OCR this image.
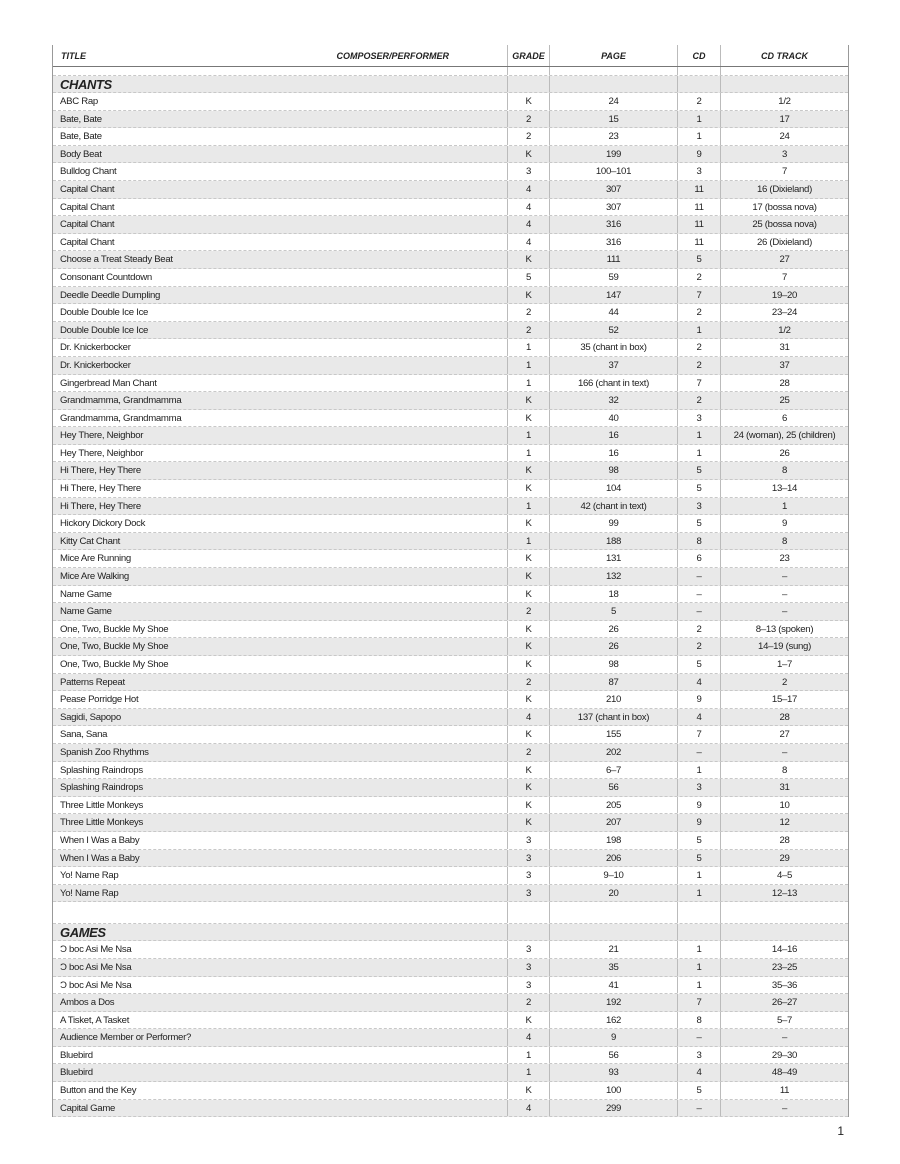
TITLE	COMPOSER/PERFORMER	GRADE	PAGE	CD	CD TRACK
CHANTS
ABC Rap	K	24	2	1/2
Bate, Bate	2	15	1	17
Bate, Bate	2	23	1	24
Body Beat	K	199	9	3
Bulldog Chant	3	100–101	3	7
Capital Chant	4	307	11	16 (Dixieland)
Capital Chant	4	307	11	17 (bossa nova)
Capital Chant	4	316	11	25 (bossa nova)
Capital Chant	4	316	11	26 (Dixieland)
Choose a Treat Steady Beat	K	111	5	27
Consonant Countdown	5	59	2	7
Deedle Deedle Dumpling	K	147	7	19–20
Double Double Ice Ice	2	44	2	23–24
Double Double Ice Ice	2	52	1	1/2
Dr. Knickerbocker	1	35 (chant in box)	2	31
Dr. Knickerbocker	1	37	2	37
Gingerbread Man Chant	1	166 (chant in text)	7	28
Grandmamma, Grandmamma	K	32	2	25
Grandmamma, Grandmamma	K	40	3	6
Hey There, Neighbor	1	16	1	24 (woman), 25 (children)
Hey There, Neighbor	1	16	1	26
Hi There, Hey There	K	98	5	8
Hi There, Hey There	K	104	5	13–14
Hi There, Hey There	1	42 (chant in text)	3	1
Hickory Dickory Dock	K	99	5	9
Kitty Cat Chant	1	188	8	8
Mice Are Running	K	131	6	23
Mice Are Walking	K	132	–	–
Name Game	K	18	–	–
Name Game	2	5	–	–
One, Two, Buckle My Shoe	K	26	2	8–13 (spoken)
One, Two, Buckle My Shoe	K	26	2	14–19 (sung)
One, Two, Buckle My Shoe	K	98	5	1–7
Patterns Repeat	2	87	4	2
Pease Porridge Hot	K	210	9	15–17
Sagidi, Sapopo	4	137 (chant in box)	4	28
Sana, Sana	K	155	7	27
Spanish Zoo Rhythms	2	202	–	–
Splashing Raindrops	K	6–7	1	8
Splashing Raindrops	K	56	3	31
Three Little Monkeys	K	205	9	10
Three Little Monkeys	K	207	9	12
When I Was a Baby	3	198	5	28
When I Was a Baby	3	206	5	29
Yo! Name Rap	3	9–10	1	4–5
Yo! Name Rap	3	20	1	12–13
GAMES
Ɔ boc Asi Me Nsa	3	21	1	14–16
Ɔ boc Asi Me Nsa	3	35	1	23–25
Ɔ boc Asi Me Nsa	3	41	1	35–36
Ambos a Dos	2	192	7	26–27
A Tisket, A Tasket	K	162	8	5–7
Audience Member or Performer?	4	9	–	–
Bluebird	1	56	3	29–30
Bluebird	1	93	4	48–49
Button and the Key	K	100	5	11
Capital Game	4	299	–	–
1
